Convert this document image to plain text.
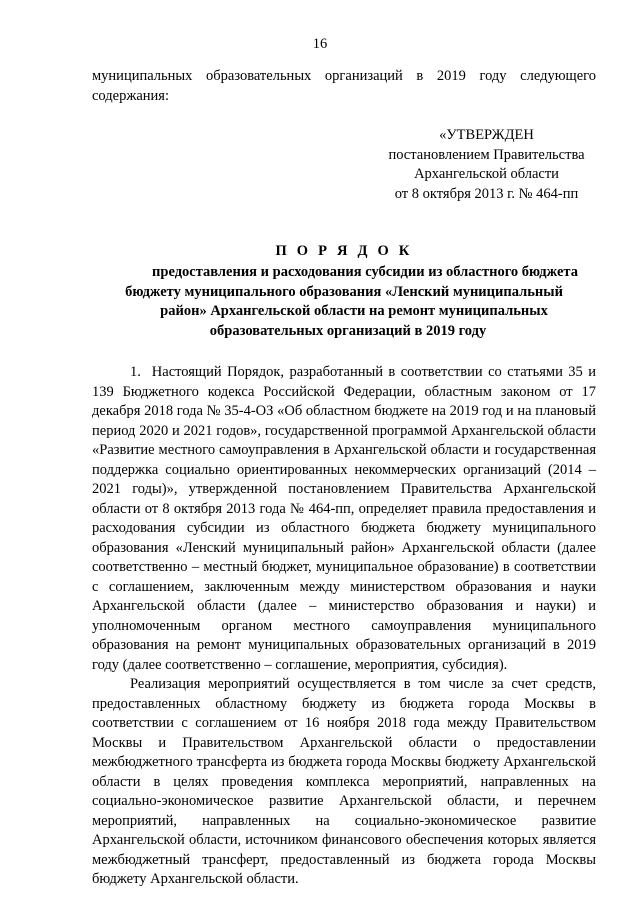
16

муниципальных образовательных организаций в 2019 году следующего содержания:

«УТВЕРЖДЕН
постановлением Правительства
Архангельской области
от 8 октября 2013 г. № 464-пп
П О Р Я Д О К
предоставления и расходования субсидии из областного бюджета
бюджету муниципального образования «Ленский муниципальный
район» Архангельской области на ремонт муниципальных
образовательных организаций в 2019 году

1. Настоящий Порядок, разработанный в соответствии со статьями 35 и 139 Бюджетного кодекса Российской Федерации, областным законом от 17 декабря 2018 года № 35-4-ОЗ «Об областном бюджете на 2019 год и на плановый период 2020 и 2021 годов», государственной программой Архангельской области «Развитие местного самоуправления в Архангельской области и государственная поддержка социально ориентированных некоммерческих организаций (2014 – 2021 годы)», утвержденной постановлением Правительства Архангельской области от 8 октября 2013 года № 464-пп, определяет правила предоставления и расходования субсидии из областного бюджета бюджету муниципального образования «Ленский муниципальный район» Архангельской области (далее соответственно – местный бюджет, муниципальное образование) в соответствии с соглашением, заключенным между министерством образования и науки Архангельской области (далее – министерство образования и науки) и уполномоченным органом местного самоуправления муниципального образования на ремонт муниципальных образовательных организаций в 2019 году (далее соответственно – соглашение, мероприятия, субсидия).

Реализация мероприятий осуществляется в том числе за счет средств, предоставленных областному бюджету из бюджета города Москвы в соответствии с соглашением от 16 ноября 2018 года между Правительством Москвы и Правительством Архангельской области о предоставлении межбюджетного трансферта из бюджета города Москвы бюджету Архангельской области в целях проведения комплекса мероприятий, направленных на социально-экономическое развитие Архангельской области, и перечнем мероприятий, направленных на социально-экономическое развитие Архангельской области, источником финансового обеспечения которых является межбюджетный трансферт, предоставленный из бюджета города Москвы бюджету Архангельской области.
